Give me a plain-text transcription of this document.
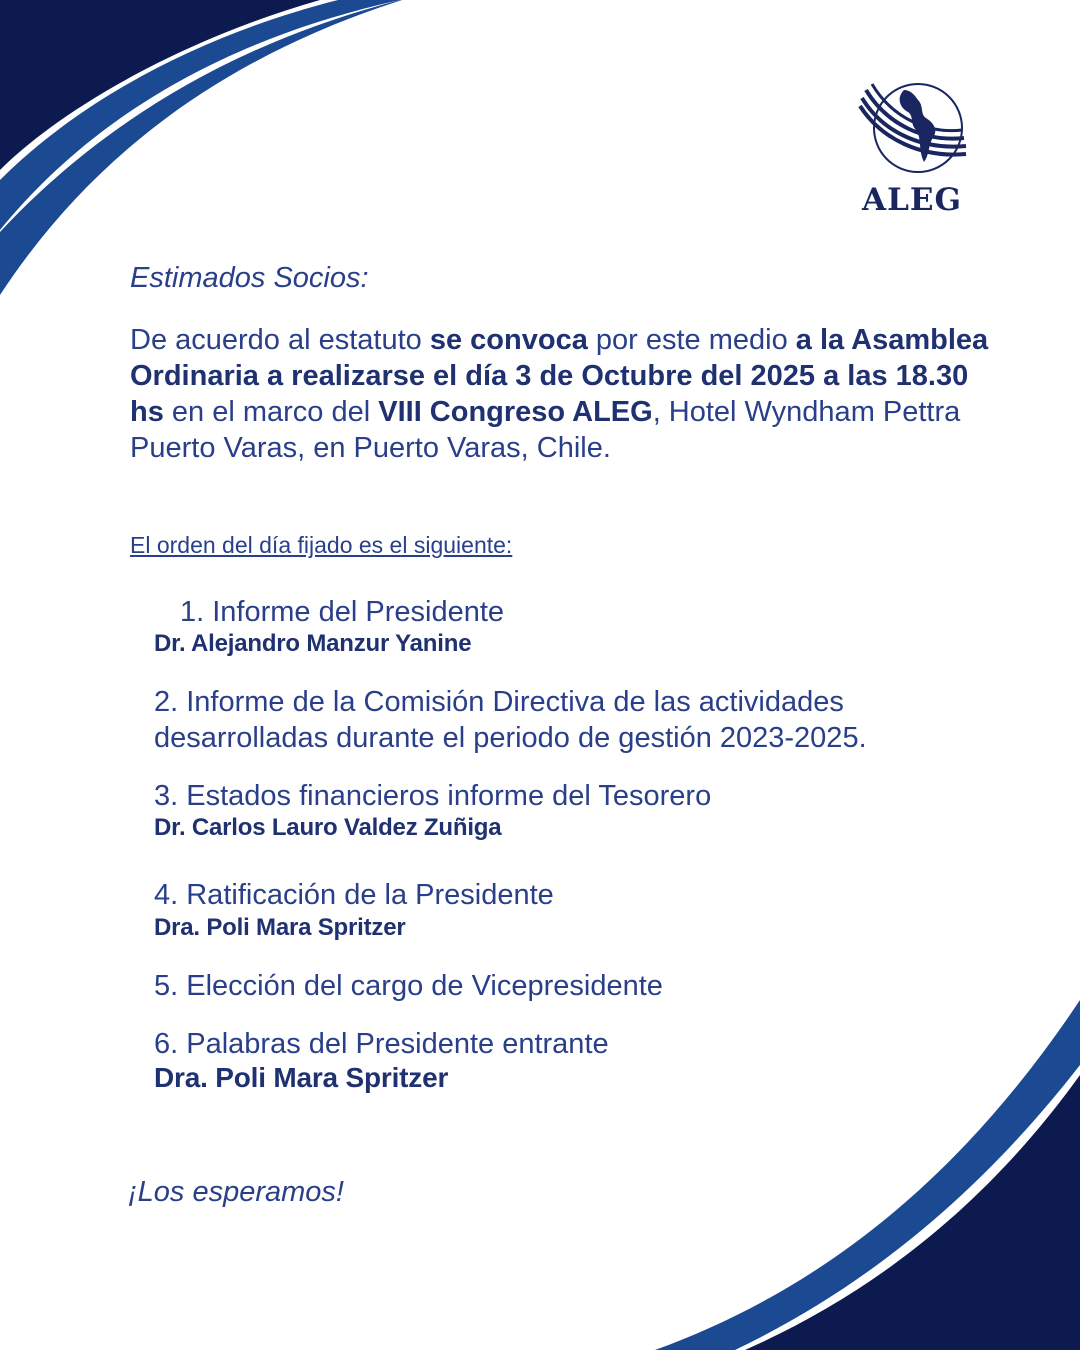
ALEG
Estimados Socios:

De acuerdo al estatuto se convoca por este medio a la Asamblea Ordinaria a realizarse el día 3 de Octubre del 2025 a las 18.30 hs en el marco del VIII Congreso ALEG, Hotel Wyndham Pettra Puerto Varas, en Puerto Varas, Chile.

El orden del día fijado es el siguiente:
1. Informe del Presidente
Dr. Alejandro Manzur Yanine
2. Informe de la Comisión Directiva de las actividades desarrolladas durante el periodo de gestión 2023-2025.
3. Estados financieros informe del Tesorero
Dr. Carlos Lauro Valdez Zuñiga
4. Ratificación de la Presidente
Dra. Poli Mara Spritzer
5. Elección del cargo de Vicepresidente
6. Palabras del Presidente entrante
Dra. Poli Mara Spritzer
¡Los esperamos!
